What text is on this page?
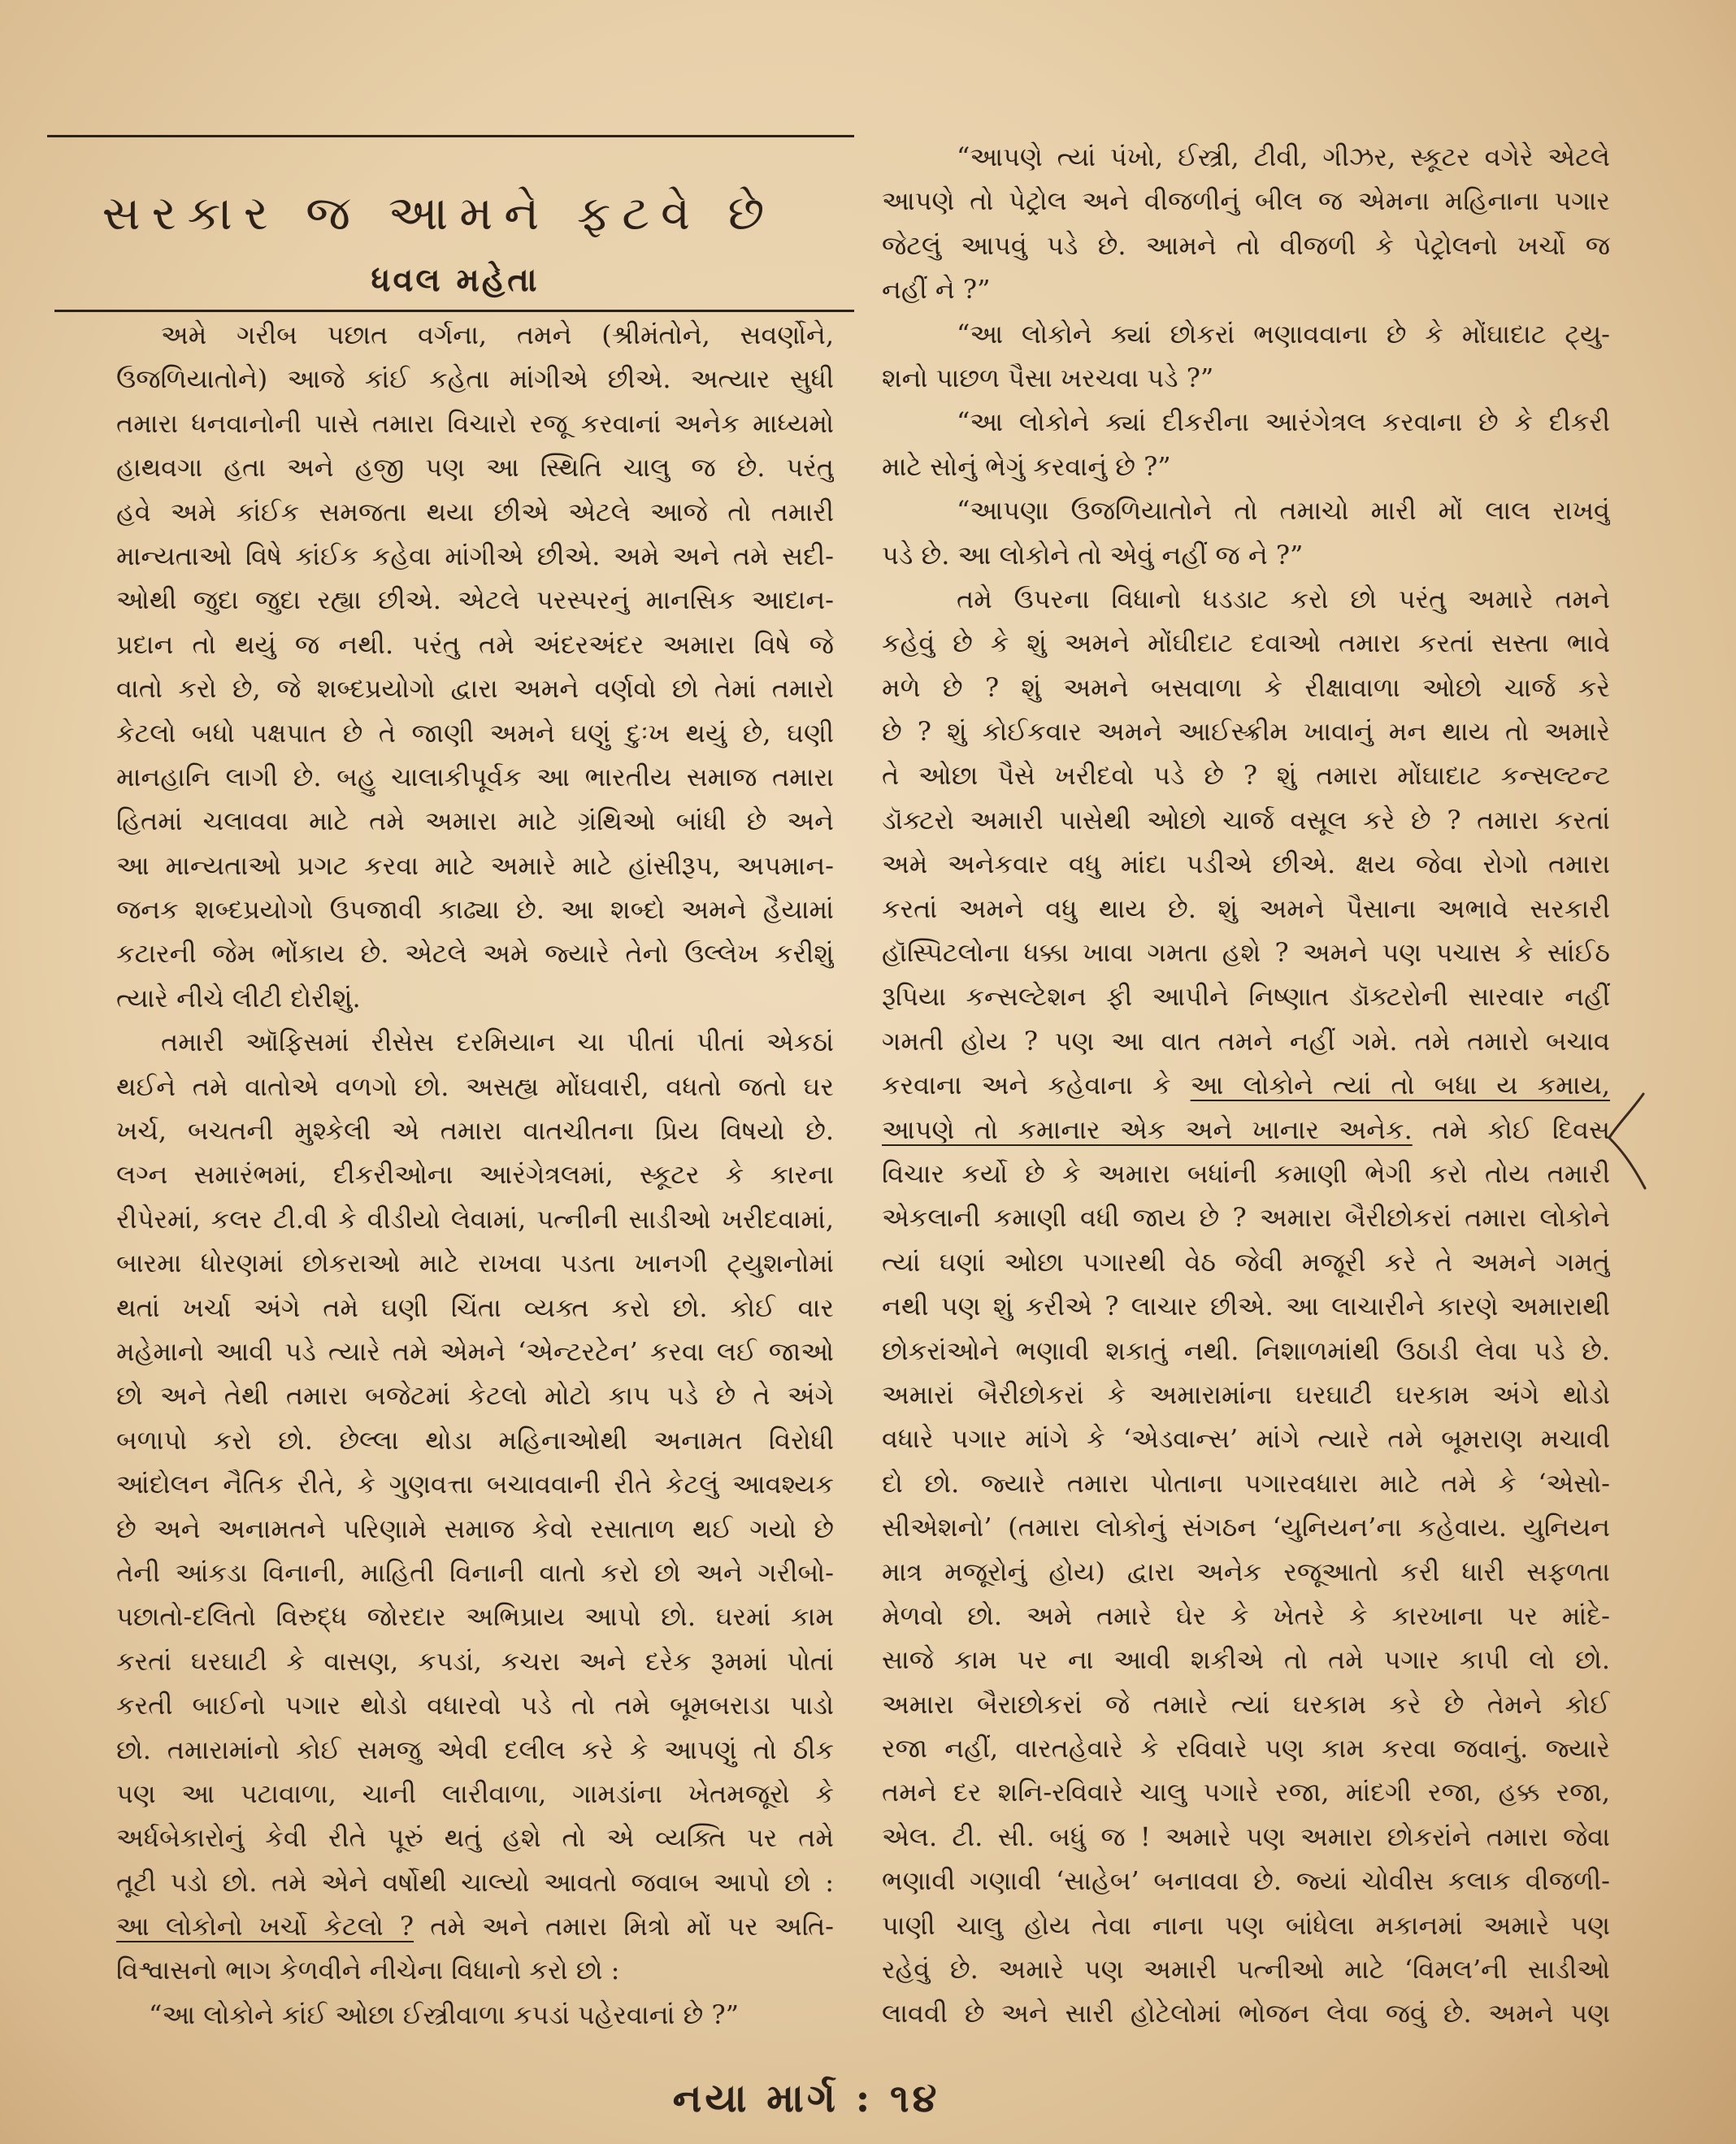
સરકાર જ આમને ફટવે છે
ધવલ મહેતા
અમે ગરીબ પછાત વર્ગના, તમને (શ્રીમંતોને, સવર્ણોને,
ઉજળિયાતોને) આજે કાંઈ કહેતા માંગીએ છીએ. અત્યાર સુધી
તમારા ધનવાનોની પાસે તમારા વિચારો રજૂ કરવાનાં અનેક માધ્યમો
હાથવગા હતા અને હજી પણ આ સ્થિતિ ચાલુ જ છે. પરંતુ
હવે અમે કાંઈક સમજતા થયા છીએ એટલે આજે તો તમારી
માન્યતાઓ વિષે કાંઈક કહેવા માંગીએ છીએ. અમે અને તમે સદી-
ઓથી જુદા જુદા રહ્યા છીએ. એટલે પરસ્પરનું માનસિક આદાન-
પ્રદાન તો થયું જ નથી. પરંતુ તમે અંદરઅંદર અમારા વિષે જે
વાતો કરો છે, જે શબ્દપ્રયોગો દ્વારા અમને વર્ણવો છો તેમાં તમારો
કેટલો બધો પક્ષપાત છે તે જાણી અમને ઘણું દુઃખ થયું છે, ઘણી
માનહાનિ લાગી છે. બહુ ચાલાકીપૂર્વક આ ભારતીય સમાજ તમારા
હિતમાં ચલાવવા માટે તમે અમારા માટે ગ્રંથિઓ બાંધી છે અને
આ માન્યતાઓ પ્રગટ કરવા માટે અમારે માટે હાંસીરૂપ, અપમાન-
જનક શબ્દપ્રયોગો ઉપજાવી કાઢ્યા છે. આ શબ્દો અમને હૈયામાં
કટારની જેમ ભોંકાય છે. એટલે અમે જ્યારે તેનો ઉલ્લેખ કરીશું
ત્યારે નીચે લીટી દોરીશું.
તમારી ઑફિસમાં રીસેસ દરમિયાન ચા પીતાં પીતાં એકઠાં
થઈને તમે વાતોએ વળગો છો. અસહ્ય મોંઘવારી, વધતો જતો ઘર
ખર્ચ, બચતની મુશ્કેલી એ તમારા વાતચીતના પ્રિય વિષયો છે.
લગ્ન સમારંભમાં, દીકરીઓના આરંગેત્રલમાં, સ્કૂટર કે કારના
રીપેરમાં, કલર ટી.વી કે વીડીયો લેવામાં, પત્નીની સાડીઓ ખરીદવામાં,
બારમા ધોરણમાં છોકરાઓ માટે રાખવા પડતા ખાનગી ટ્યુશનોમાં
થતાં ખર્ચા અંગે તમે ઘણી ચિંતા વ્યક્ત કરો છો. કોઈ વાર
મહેમાનો આવી પડે ત્યારે તમે એમને ‘એન્ટરટેન’ કરવા લઈ જાઓ
છો અને તેથી તમારા બજેટમાં કેટલો મોટો કાપ પડે છે તે અંગે
બળાપો કરો છો. છેલ્લા થોડા મહિનાઓથી અનામત વિરોધી
આંદોલન નૈતિક રીતે, કે ગુણવત્તા બચાવવાની રીતે કેટલું આવશ્યક
છે અને અનામતને પરિણામે સમાજ કેવો રસાતાળ થઈ ગયો છે
તેની આંકડા વિનાની, માહિતી વિનાની વાતો કરો છો અને ગરીબો-
પછાતો-દલિતો વિરુદ્ધ જોરદાર અભિપ્રાય આપો છો. ઘરમાં કામ
કરતાં ઘરઘાટી કે વાસણ, કપડાં, કચરા અને દરેક રૂમમાં પોતાં
કરતી બાઈનો પગાર થોડો વધારવો પડે તો તમે બૂમબરાડા પાડો
છો. તમારામાંનો કોઈ સમજુ એવી દલીલ કરે કે આપણું તો ઠીક
પણ આ પટાવાળા, ચાની લારીવાળા, ગામડાંના ખેતમજૂરો કે
અર્ધબેકારોનું કેવી રીતે પૂરું થતું હશે તો એ વ્યક્તિ પર તમે
તૂટી પડો છો. તમે એને વર્ષોથી ચાલ્યો આવતો જવાબ આપો છો :
આ લોકોનો ખર્ચો કેટલો ? તમે અને તમારા મિત્રો મોં પર અતિ-
વિશ્વાસનો ભાગ કેળવીને નીચેના વિધાનો કરો છો :
“આ લોકોને કાંઈ ઓછા ઈસ્ત્રીવાળા કપડાં પહેરવાનાં છે ?”
“આપણે ત્યાં પંખો, ઈસ્ત્રી, ટીવી, ગીઝર, સ્કૂટર વગેરે એટલે
આપણે તો પેટ્રોલ અને વીજળીનું બીલ જ એમના મહિનાના પગાર
જેટલું આપવું પડે છે. આમને તો વીજળી કે પેટ્રોલનો ખર્ચો જ
નહીં ને ?”
“આ લોકોને ક્યાં છોકરાં ભણાવવાના છે કે મોંઘાદાટ ટ્યુ-
શનો પાછળ પૈસા ખરચવા પડે ?”
“આ લોકોને ક્યાં દીકરીના આરંગેત્રલ કરવાના છે કે દીકરી
માટે સોનું ભેગું કરવાનું છે ?”
“આપણા ઉજળિયાતોને તો તમાચો મારી મોં લાલ રાખવું
પડે છે. આ લોકોને તો એવું નહીં જ ને ?”
તમે ઉપરના વિધાનો ધડડાટ કરો છો પરંતુ અમારે તમને
કહેવું છે કે શું અમને મોંઘીદાટ દવાઓ તમારા કરતાં સસ્તા ભાવે
મળે છે ? શું અમને બસવાળા કે રીક્ષાવાળા ઓછો ચાર્જ કરે
છે ? શું કોઈકવાર અમને આઈસ્ક્રીમ ખાવાનું મન થાય તો અમારે
તે ઓછા પૈસે ખરીદવો પડે છે ? શું તમારા મોંઘાદાટ કન્સલ્ટન્ટ
ડૉક્ટરો અમારી પાસેથી ઓછો ચાર્જ વસૂલ કરે છે ? તમારા કરતાં
અમે અનેકવાર વધુ માંદા પડીએ છીએ. ક્ષય જેવા રોગો તમારા
કરતાં અમને વધુ થાય છે. શું અમને પૈસાના અભાવે સરકારી
હૉસ્પિટલોના ધક્કા ખાવા ગમતા હશે ? અમને પણ પચાસ કે સાંઈઠ
રૂપિયા કન્સલ્ટેશન ફી આપીને નિષ્ણાત ડૉક્ટરોની સારવાર નહીં
ગમતી હોય ? પણ આ વાત તમને નહીં ગમે. તમે તમારો બચાવ
કરવાના અને કહેવાના કે આ લોકોને ત્યાં તો બધા ય કમાય,
આપણે તો કમાનાર એક અને ખાનાર અનેક. તમે કોઈ દિવસ
વિચાર કર્યો છે કે અમારા બધાંની કમાણી ભેગી કરો તોય તમારી
એકલાની કમાણી વધી જાય છે ? અમારા બૈરીછોકરાં તમારા લોકોને
ત્યાં ઘણાં ઓછા પગારથી વેઠ જેવી મજૂરી કરે તે અમને ગમતું
નથી પણ શું કરીએ ? લાચાર છીએ. આ લાચારીને કારણે અમારાથી
છોકરાંઓને ભણાવી શકાતું નથી. નિશાળમાંથી ઉઠાડી લેવા પડે છે.
અમારાં બૈરીછોકરાં કે અમારામાંના ઘરઘાટી ઘરકામ અંગે થોડો
વધારે પગાર માંગે કે ‘એડવાન્સ’ માંગે ત્યારે તમે બૂમરાણ મચાવી
દો છો. જ્યારે તમારા પોતાના પગારવધારા માટે તમે કે ‘એસો-
સીએશનો’ (તમારા લોકોનું સંગઠન ‘યુનિયન’ના કહેવાય. યુનિયન
માત્ર મજૂરોનું હોય) દ્વારા અનેક રજૂઆતો કરી ધારી સફળતા
મેળવો છો. અમે તમારે ઘેર કે ખેતરે કે કારખાના પર માંદે-
સાજે કામ પર ના આવી શકીએ તો તમે પગાર કાપી લો છો.
અમારા બૈરાછોકરાં જે તમારે ત્યાં ઘરકામ કરે છે તેમને કોઈ
રજા નહીં, વારતહેવારે કે રવિવારે પણ કામ કરવા જવાનું. જ્યારે
તમને દર શનિ-રવિવારે ચાલુ પગારે રજા, માંદગી રજા, હક્ક રજા,
એલ. ટી. સી. બધું જ ! અમારે પણ અમારા છોકરાંને તમારા જેવા
ભણાવી ગણાવી ‘સાહેબ’ બનાવવા છે. જ્યાં ચોવીસ કલાક વીજળી-
પાણી ચાલુ હોય તેવા નાના પણ બાંધેલા મકાનમાં અમારે પણ
રહેવું છે. અમારે પણ અમારી પત્નીઓ માટે ‘વિમલ’ની સાડીઓ
લાવવી છે અને સારી હોટેલોમાં ભોજન લેવા જવું છે. અમને પણ
નયા માર્ગ : ૧૪
